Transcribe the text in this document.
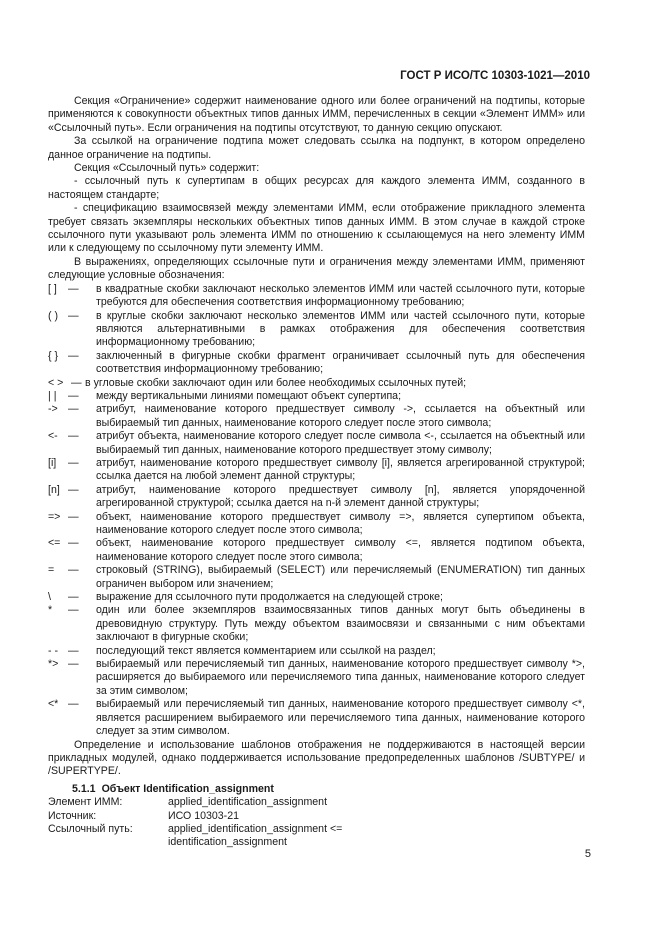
ГОСТ Р ИСО/ТС 10303-1021—2010

Секция «Ограничение» содержит наименование одного или более ограничений на подтипы, которые применяются к совокупности объектных типов данных ИММ, перечисленных в секции «Элемент ИММ» или «Ссылочный путь». Если ограничения на подтипы отсутствуют, то данную секцию опускают.

За ссылкой на ограничение подтипа может следовать ссылка на подпункт, в котором определено данное ограничение на подтипы.

Секция «Ссылочный путь» содержит:

- ссылочный путь к супертипам в общих ресурсах для каждого элемента ИММ, созданного в настоящем стандарте;

- спецификацию взаимосвязей между элементами ИММ, если отображение прикладного элемента требует связать экземпляры нескольких объектных типов данных ИММ. В этом случае в каждой строке ссылочного пути указывают роль элемента ИММ по отношению к ссылающемуся на него элементу ИММ или к следующему по ссылочному пути элементу ИММ.

В выражениях, определяющих ссылочные пути и ограничения между элементами ИММ, применяют следующие условные обозначения:

[ ] — в квадратные скобки заключают несколько элементов ИММ или частей ссылочного пути, которые требуются для обеспечения соответствия информационному требованию;
( ) — в круглые скобки заключают несколько элементов ИММ или частей ссылочного пути, которые являются альтернативными в рамках отображения для обеспечения соответствия информационному требованию;
{ } — заключенный в фигурные скобки фрагмент ограничивает ссылочный путь для обеспечения соответствия информационному требованию;
< > — в угловые скобки заключают один или более необходимых ссылочных путей;
| | — между вертикальными линиями помещают объект супертипа;
-> — атрибут, наименование которого предшествует символу ->, ссылается на объектный или выбираемый тип данных, наименование которого следует после этого символа;
<- — атрибут объекта, наименование которого следует после символа <-, ссылается на объектный или выбираемый тип данных, наименование которого предшествует этому символу;
[i] — атрибут, наименование которого предшествует символу [i], является агрегированной структурой; ссылка дается на любой элемент данной структуры;
[n] — атрибут, наименование которого предшествует символу [n], является упорядоченной агрегированной структурой; ссылка дается на n-й элемент данной структуры;
=> — объект, наименование которого предшествует символу =>, является супертипом объекта, наименование которого следует после этого символа;
<= — объект, наименование которого предшествует символу <=, является подтипом объекта, наименование которого следует после этого символа;
= — строковый (STRING), выбираемый (SELECT) или перечисляемый (ENUMERATION) тип данных ограничен выбором или значением;
\ — выражение для ссылочного пути продолжается на следующей строке;
* — один или более экземпляров взаимосвязанных типов данных могут быть объединены в древовидную структуру. Путь между объектом взаимосвязи и связанными с ним объектами заключают в фигурные скобки;
- - — последующий текст является комментарием или ссылкой на раздел;
*> — выбираемый или перечисляемый тип данных, наименование которого предшествует символу *>, расширяется до выбираемого или перечисляемого типа данных, наименование которого следует за этим символом;
<* — выбираемый или перечисляемый тип данных, наименование которого предшествует символу <*, является расширением выбираемого или перечисляемого типа данных, наименование которого следует за этим символом.

Определение и использование шаблонов отображения не поддерживаются в настоящей версии прикладных модулей, однако поддерживается использование предопределенных шаблонов /SUBTYPE/ и /SUPERTYPE/.

5.1.1 Объект Identification_assignment
Элемент ИММ:	applied_identification_assignment
Источник:	ИСО 10303-21
Ссылочный путь:	applied_identification_assignment <=
identification_assignment
5
